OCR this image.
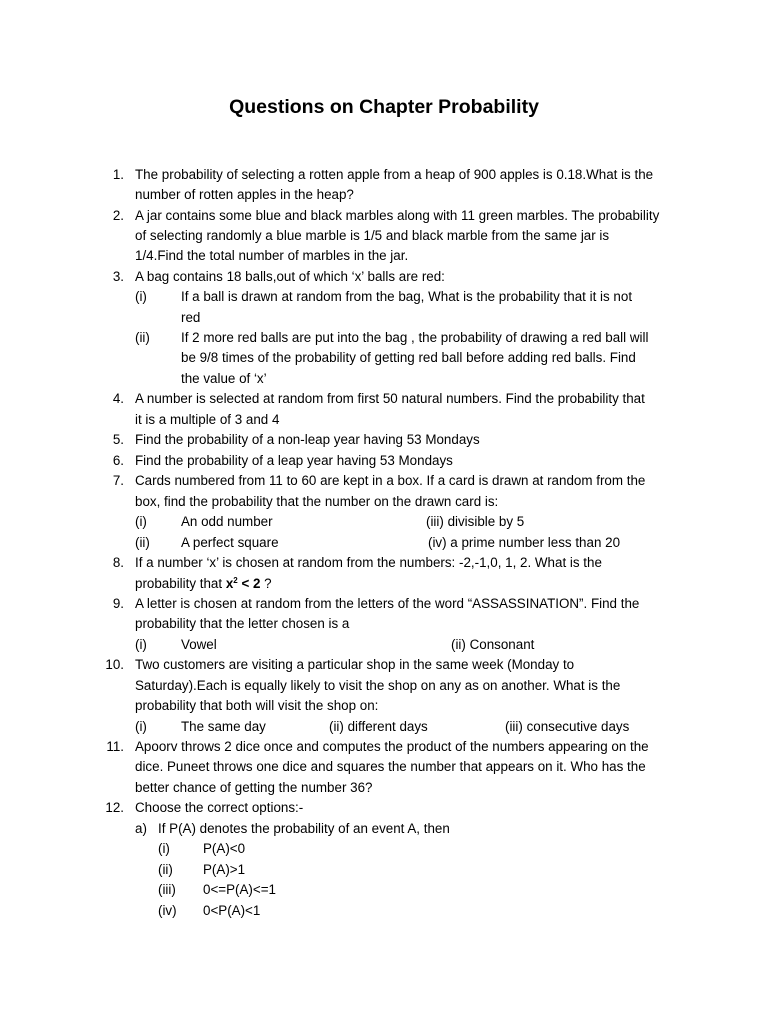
Questions on Chapter Probability
1. The probability of selecting a rotten apple from a heap of 900 apples is 0.18.What is the
number of rotten apples in the heap?
2. A jar contains some blue and black marbles along with 11 green marbles. The probability
of selecting randomly a blue marble is 1/5 and black marble from the same jar is
1/4.Find the total number of marbles in the jar.
3. A bag contains 18 balls,out of which ‘x’ balls are red:
(i)	If a ball is drawn at random from the bag, What is the probability that it is not
red
(ii) If 2 more red balls are put into the bag , the probability of drawing a red ball will
be 9/8 times of the probability of getting red ball before adding red balls. Find
the value of ‘x’
4. A number is selected at random from first 50 natural numbers. Find the probability that
it is a multiple of 3 and 4
5. Find the probability of a non-leap year having 53 Mondays
6. Find the probability of a leap year having 53 Mondays
7. Cards numbered from 11 to 60 are kept in a box. If a card is drawn at random from the
box, find the probability that the number on the drawn card is:
(i)	An odd number	(iii) divisible by 5
(ii) A perfect square	(iv) a prime number less than 20
8. If a number ‘x’ is chosen at random from the numbers: -2,-1,0, 1, 2. What is the
probability that $x^2 < 2$ ?
9. A letter is chosen at random from the letters of the word “ASSASSINATION”. Find the
probability that the letter chosen is a
(i)	Vowel	(ii) Consonant
10. Two customers are visiting a particular shop in the same week (Monday to
Saturday).Each is equally likely to visit the shop on any as on another. What is the
probability that both will visit the shop on:
(i)	The same day	(ii) different days	(iii) consecutive days
11. Apoorv throws 2 dice once and computes the product of the numbers appearing on the
dice. Puneet throws one dice and squares the number that appears on it. Who has the
better chance of getting the number 36?
12. Choose the correct options:-
a) If P(A) denotes the probability of an event A, then
(i) P(A)<0
(ii) P(A)>1
(iii) 0<=P(A)<=1
(iv) 0<P(A)<1
